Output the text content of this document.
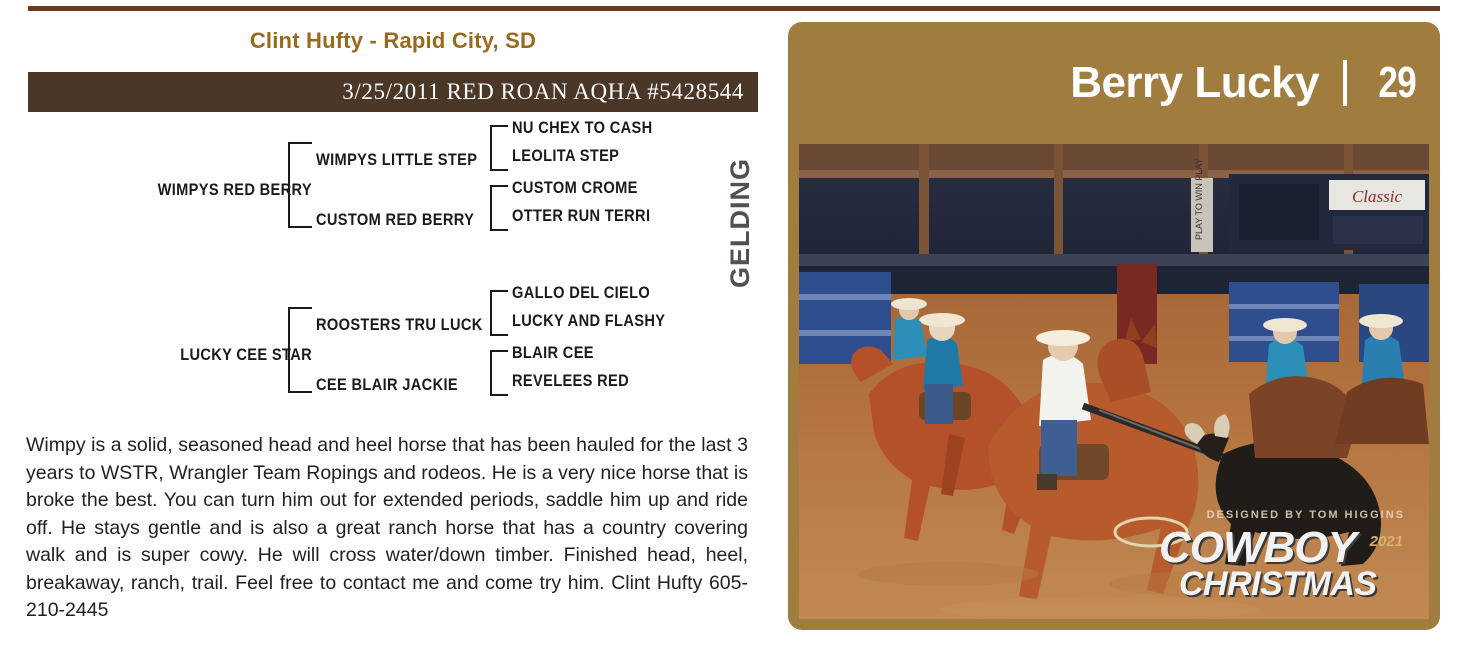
Clint Hufty - Rapid City, SD
3/25/2011 RED ROAN AQHA #5428544
GELDING
WIMPYS RED BERRY
WIMPYS LITTLE STEP
CUSTOM RED BERRY
NU CHEX TO CASH
LEOLITA STEP
CUSTOM CROME
OTTER RUN TERRI
LUCKY CEE STAR
ROOSTERS TRU LUCK
CEE BLAIR JACKIE
GALLO DEL CIELO
LUCKY AND FLASHY
BLAIR CEE
REVELEES RED
Wimpy is a solid, seasoned head and heel horse that has been hauled for the last 3 years to WSTR, Wrangler Team Ropings and rodeos. He is a very nice horse that is broke the best. You can turn him out for extended periods, saddle him up and ride off. He stays gentle and is also a great ranch horse that has a country covering walk and is super cowy. He will cross water/down timber. Finished head, heel, breakaway, ranch, trail. Feel free to contact me and come try him. Clint Hufty 605-210-2445
Berry Lucky 29
Classic
PLAY TO WIN PLAY
DESIGNED BY TOM HIGGINS
COWBOY
CHRISTMAS
2021
